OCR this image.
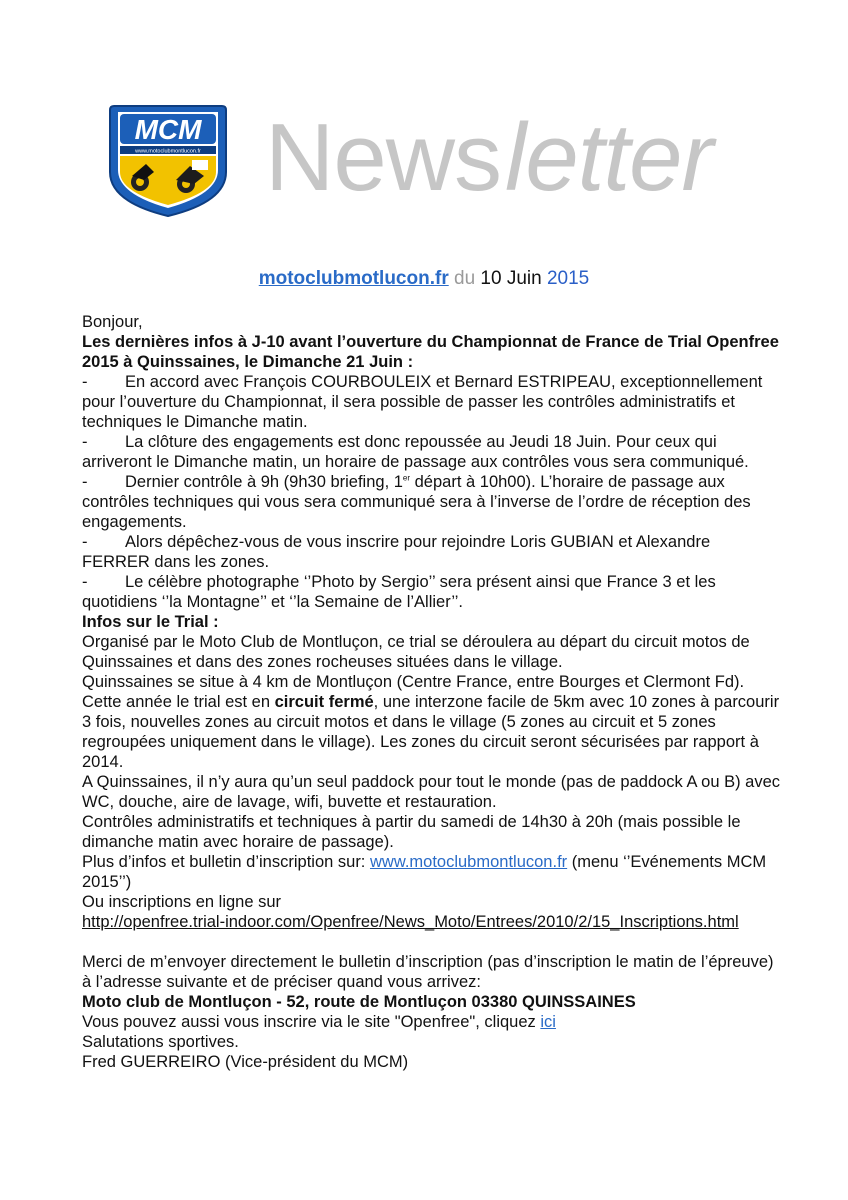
MCM
www.motoclubmontlucon.fr Newsletter
motoclubmotlucon.fr du 10 Juin 2015

Bonjour,

Les dernières infos à J-10 avant l’ouverture du Championnat de France de Trial Openfree 2015 à Quinssaines, le Dimanche 21 Juin :

- En accord avec François COURBOULEIX et Bernard ESTRIPEAU, exceptionnellement pour l’ouverture du Championnat, il sera possible de passer les contrôles administratifs et techniques le Dimanche matin.

- La clôture des engagements est donc repoussée au Jeudi 18 Juin. Pour ceux qui arriveront le Dimanche matin, un horaire de passage aux contrôles vous sera communiqué.

- Dernier contrôle à 9h (9h30 briefing, 1er départ à 10h00). L’horaire de passage aux contrôles techniques qui vous sera communiqué sera à l’inverse de l’ordre de réception des engagements.

- Alors dépêchez-vous de vous inscrire pour rejoindre Loris GUBIAN et Alexandre FERRER dans les zones.

- Le célèbre photographe ‘’Photo by Sergio’’ sera présent ainsi que France 3 et les quotidiens ‘’la Montagne’’ et ‘’la Semaine de l’Allier’’.

Infos sur le Trial :

Organisé par le Moto Club de Montluçon, ce trial se déroulera au départ du circuit motos de Quinssaines et dans des zones rocheuses situées dans le village.

Quinssaines se situe à 4 km de Montluçon (Centre France, entre Bourges et Clermont Fd).

Cette année le trial est en circuit fermé, une interzone facile de 5km avec 10 zones à parcourir 3 fois, nouvelles zones au circuit motos et dans le village (5 zones au circuit et 5 zones regroupées uniquement dans le village). Les zones du circuit seront sécurisées par rapport à 2014.

A Quinssaines, il n’y aura qu’un seul paddock pour tout le monde (pas de paddock A ou B) avec WC, douche, aire de lavage, wifi, buvette et restauration.

Contrôles administratifs et techniques à partir du samedi de 14h30 à 20h (mais possible le dimanche matin avec horaire de passage).

Plus d’infos et bulletin d’inscription sur: www.motoclubmontlucon.fr (menu ‘’Evénements MCM 2015’’)

Ou inscriptions en ligne sur

http://openfree.trial-indoor.com/Openfree/News_Moto/Entrees/2010/2/15_Inscriptions.html

Merci de m’envoyer directement le bulletin d’inscription (pas d’inscription le matin de l’épreuve) à l’adresse suivante et de préciser quand vous arrivez:

Moto club de Montluçon - 52, route de Montluçon 03380 QUINSSAINES

Vous pouvez aussi vous inscrire via le site "Openfree", cliquez ici

Salutations sportives.

Fred GUERREIRO (Vice-président du MCM)
